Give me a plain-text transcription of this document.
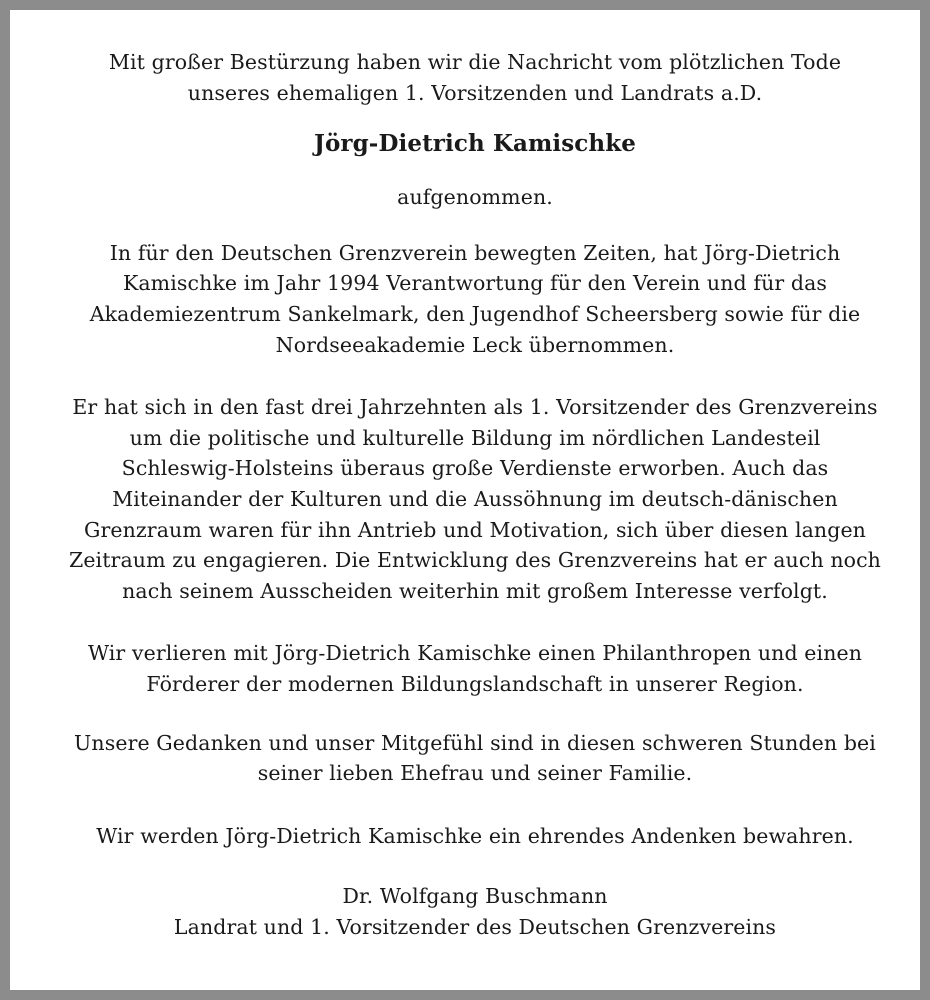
Mit großer Bestürzung haben wir die Nachricht vom plötzlichen Tode
unseres ehemaligen 1. Vorsitzenden und Landrats a.D.

Jörg-Dietrich Kamischke

aufgenommen.

In für den Deutschen Grenzverein bewegten Zeiten, hat Jörg-Dietrich
Kamischke im Jahr 1994 Verantwortung für den Verein und für das
Akademiezentrum Sankelmark, den Jugendhof Scheersberg sowie für die
Nordseeakademie Leck übernommen.

Er hat sich in den fast drei Jahrzehnten als 1. Vorsitzender des Grenzvereins
um die politische und kulturelle Bildung im nördlichen Landesteil
Schleswig-Holsteins überaus große Verdienste erworben. Auch das
Miteinander der Kulturen und die Aussöhnung im deutsch-dänischen
Grenzraum waren für ihn Antrieb und Motivation, sich über diesen langen
Zeitraum zu engagieren. Die Entwicklung des Grenzvereins hat er auch noch
nach seinem Ausscheiden weiterhin mit großem Interesse verfolgt.

Wir verlieren mit Jörg-Dietrich Kamischke einen Philanthropen und einen
Förderer der modernen Bildungslandschaft in unserer Region.

Unsere Gedanken und unser Mitgefühl sind in diesen schweren Stunden bei
seiner lieben Ehefrau und seiner Familie.

Wir werden Jörg-Dietrich Kamischke ein ehrendes Andenken bewahren.

Dr. Wolfgang Buschmann

Landrat und 1. Vorsitzender des Deutschen Grenzvereins
